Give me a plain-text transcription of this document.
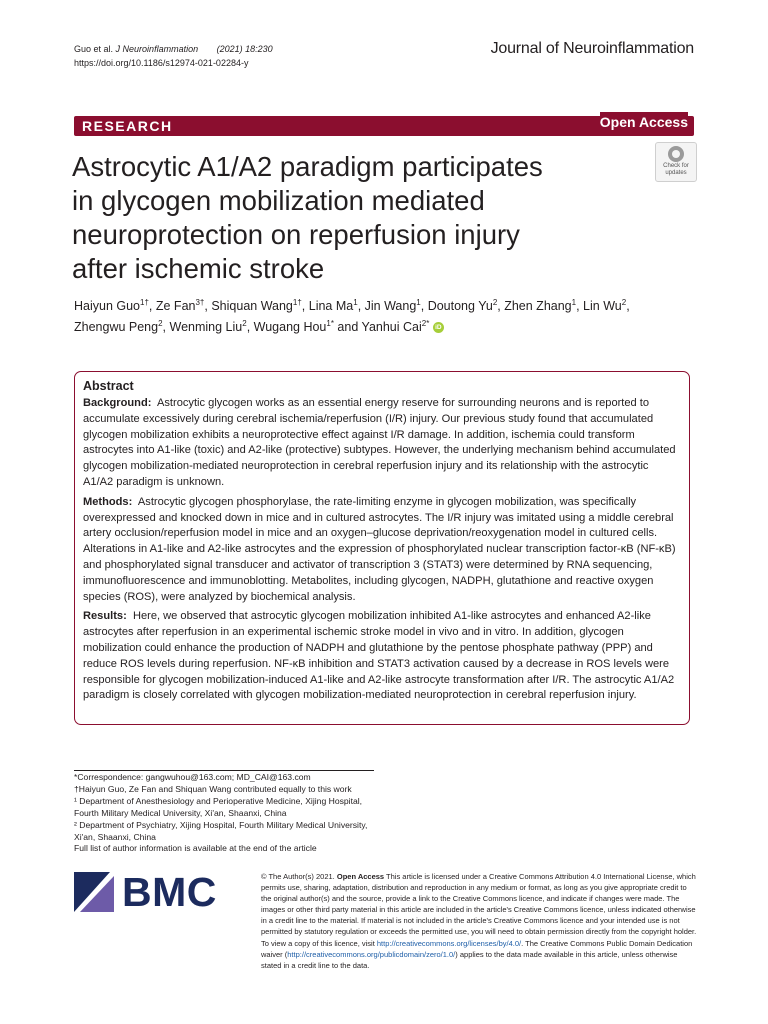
Guo et al. J Neuroinflammation (2021) 18:230
https://doi.org/10.1186/s12974-021-02284-y
Journal of Neuroinflammation
RESEARCH	Open Access
Astrocytic A1/A2 paradigm participates
in glycogen mobilization mediated
neuroprotection on reperfusion injury
after ischemic stroke
Check for
updates
Haiyun Guo$^{1\dagger}$, Ze Fan$^{3\dagger}$, Shiquan Wang$^{1\dagger}$, Lina Ma$^1$, Jin Wang$^1$, Doutong Yu$^2$, Zhen Zhang$^1$, Lin Wu$^2$,
Zhengwu Peng$^2$, Wenming Liu$^2$, Wugang Hou$^{1*}$ and Yanhui Cai$^{2*}$ iD
Abstract

Background: Astrocytic glycogen works as an essential energy reserve for surrounding neurons and is reported to accumulate excessively during cerebral ischemia/reperfusion (I/R) injury. Our previous study found that accumulated glycogen mobilization exhibits a neuroprotective effect against I/R damage. In addition, ischemia could transform astrocytes into A1-like (toxic) and A2-like (protective) subtypes. However, the underlying mechanism behind accumulated glycogen mobilization-mediated neuroprotection in cerebral reperfusion injury and its relationship with the astrocytic A1/A2 paradigm is unknown.

Methods: Astrocytic glycogen phosphorylase, the rate-limiting enzyme in glycogen mobilization, was specifically overexpressed and knocked down in mice and in cultured astrocytes. The I/R injury was imitated using a middle cerebral artery occlusion/reperfusion model in mice and an oxygen–glucose deprivation/reoxygenation model in cultured cells. Alterations in A1-like and A2-like astrocytes and the expression of phosphorylated nuclear transcription factor-κB (NF-κB) and phosphorylated signal transducer and activator of transcription 3 (STAT3) were determined by RNA sequencing, immunofluorescence and immunoblotting. Metabolites, including glycogen, NADPH, glutathione and reactive oxygen species (ROS), were analyzed by biochemical analysis.

Results: Here, we observed that astrocytic glycogen mobilization inhibited A1-like astrocytes and enhanced A2-like astrocytes after reperfusion in an experimental ischemic stroke model in vivo and in vitro. In addition, glycogen mobilization could enhance the production of NADPH and glutathione by the pentose phosphate pathway (PPP) and reduce ROS levels during reperfusion. NF-κB inhibition and STAT3 activation caused by a decrease in ROS levels were responsible for glycogen mobilization-induced A1-like and A2-like astrocyte transformation after I/R. The astrocytic A1/A2 paradigm is closely correlated with glycogen mobilization-mediated neuroprotection in cerebral reperfusion injury.

*Correspondence: gangwuhou@163.com; MD_CAI@163.com
†Haiyun Guo, Ze Fan and Shiquan Wang contributed equally to this work
¹ Department of Anesthesiology and Perioperative Medicine, Xijing Hospital, Fourth Military Medical University, Xi'an, Shaanxi, China
² Department of Psychiatry, Xijing Hospital, Fourth Military Medical University, Xi'an, Shaanxi, China
Full list of author information is available at the end of the article
BMC	© The Author(s) 2021. Open Access This article is licensed under a Creative Commons Attribution 4.0 International License, which permits use, sharing, adaptation, distribution and reproduction in any medium or format, as long as you give appropriate credit to the original author(s) and the source, provide a link to the Creative Commons licence, and indicate if changes were made. The images or other third party material in this article are included in the article's Creative Commons licence, unless indicated otherwise in a credit line to the material. If material is not included in the article's Creative Commons licence and your intended use is not permitted by statutory regulation or exceeds the permitted use, you will need to obtain permission directly from the copyright holder. To view a copy of this licence, visit http://creativecommons.org/licenses/by/4.0/. The Creative Commons Public Domain Dedication waiver (http://creativecommons.org/publicdomain/zero/1.0/) applies to the data made available in this article, unless otherwise stated in a credit line to the data.
